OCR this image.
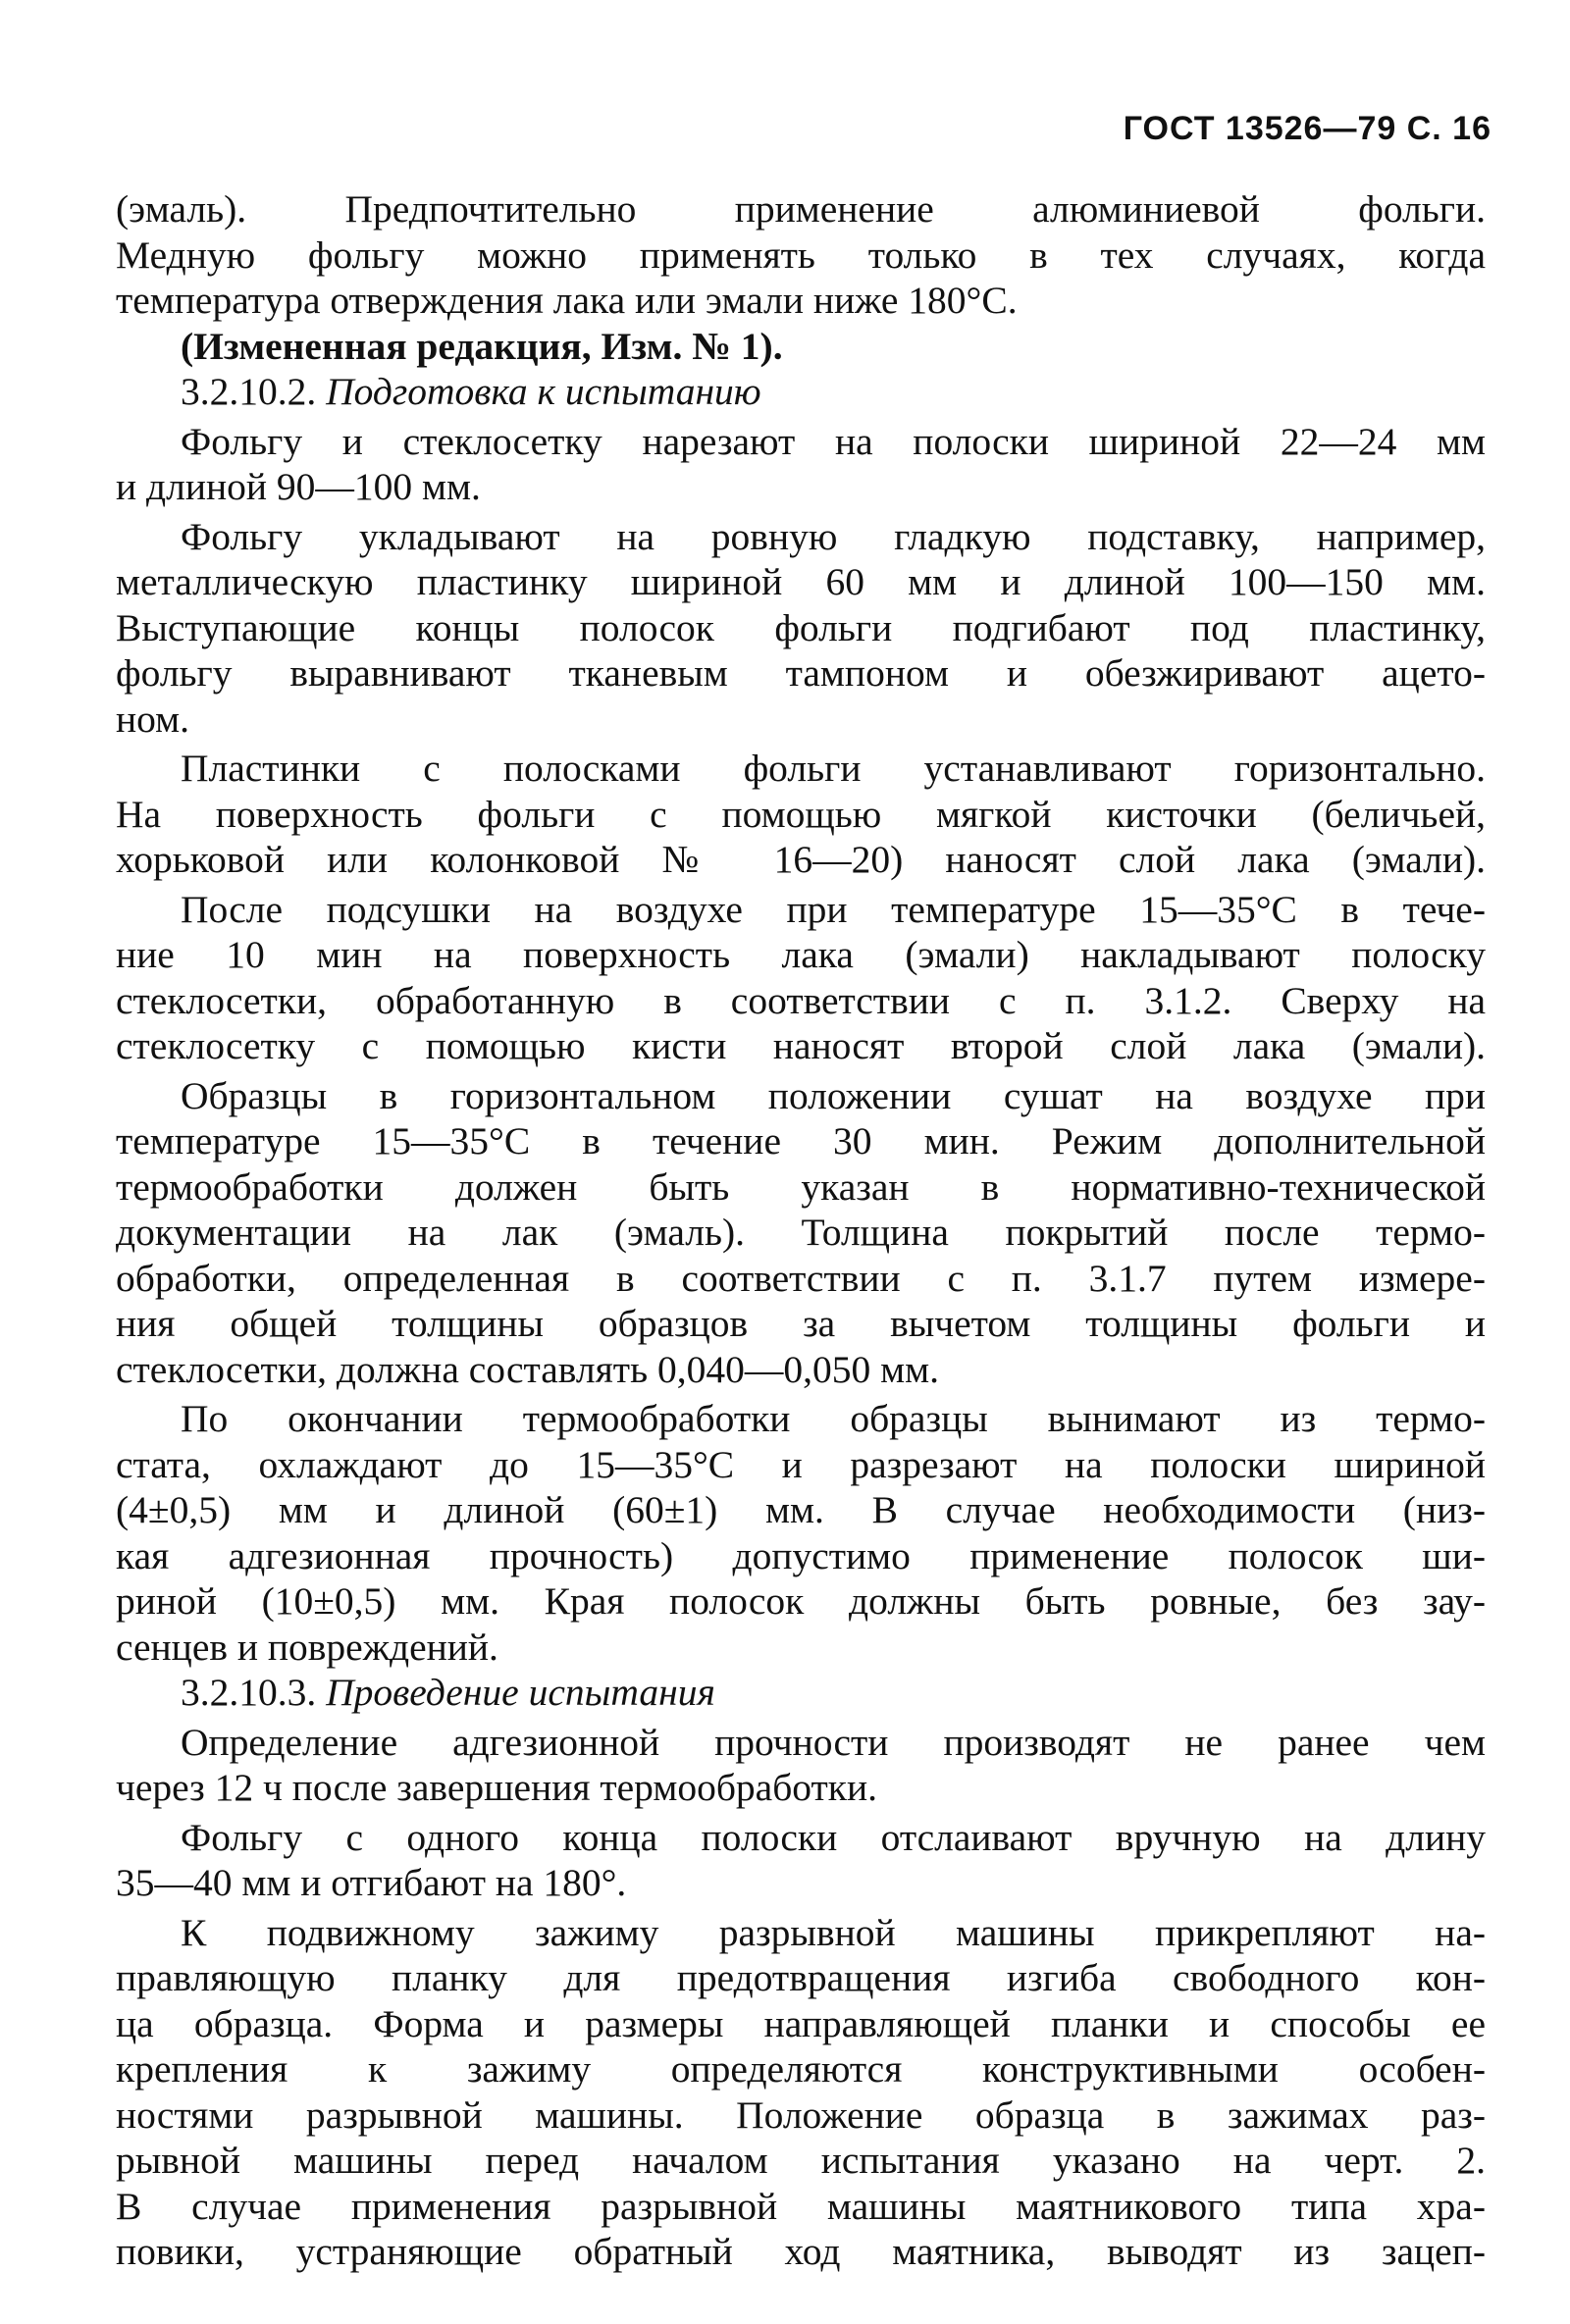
ГОСТ 13526—79 С. 16
(эмаль). Предпочтительно применение алюминиевой фольги.
Медную фольгу можно применять только в тех случаях, когда
температура отверждения лака или эмали ниже 180°С.
(Измененная редакция, Изм. № 1).
3.2.10.2. Подготовка к испытанию
Фольгу и стеклосетку нарезают на полоски шириной 22—24 мм
и длиной 90—100 мм.
Фольгу укладывают на ровную гладкую подставку, например,
металлическую пластинку шириной 60 мм и длиной 100—150 мм.
Выступающие концы полосок фольги подгибают под пластинку,
фольгу выравнивают тканевым тампоном и обезжиривают ацето-
ном.
Пластинки с полосками фольги устанавливают горизонтально.
На поверхность фольги с помощью мягкой кисточки (беличьей,
хорьковой или колонковой № 16—20) наносят слой лака (эмали).
После подсушки на воздухе при температуре 15—35°С в тече-
ние 10 мин на поверхность лака (эмали) накладывают полоску
стеклосетки, обработанную в соответствии с п. 3.1.2. Сверху на
стеклосетку с помощью кисти наносят второй слой лака (эмали).
Образцы в горизонтальном положении сушат на воздухе при
температуре 15—35°С в течение 30 мин. Режим дополнительной
термообработки должен быть указан в нормативно-технической
документации на лак (эмаль). Толщина покрытий после термо-
обработки, определенная в соответствии с п. 3.1.7 путем измере-
ния общей толщины образцов за вычетом толщины фольги и
стеклосетки, должна составлять 0,040—0,050 мм.
По окончании термообработки образцы вынимают из термо-
стата, охлаждают до 15—35°С и разрезают на полоски шириной
(4±0,5) мм и длиной (60±1) мм. В случае необходимости (низ-
кая адгезионная прочность) допустимо применение полосок ши-
риной (10±0,5) мм. Края полосок должны быть ровные, без зау-
сенцев и повреждений.
3.2.10.3. Проведение испытания
Определение адгезионной прочности производят не ранее чем
через 12 ч после завершения термообработки.
Фольгу с одного конца полоски отслаивают вручную на длину
35—40 мм и отгибают на 180°.
К подвижному зажиму разрывной машины прикрепляют на-
правляющую планку для предотвращения изгиба свободного кон-
ца образца. Форма и размеры направляющей планки и способы ее
крепления к зажиму определяются конструктивными особен-
ностями разрывной машины. Положение образца в зажимах раз-
рывной машины перед началом испытания указано на черт. 2.
В случае применения разрывной машины маятникового типа хра-
повики, устраняющие обратный ход маятника, выводят из зацеп-
